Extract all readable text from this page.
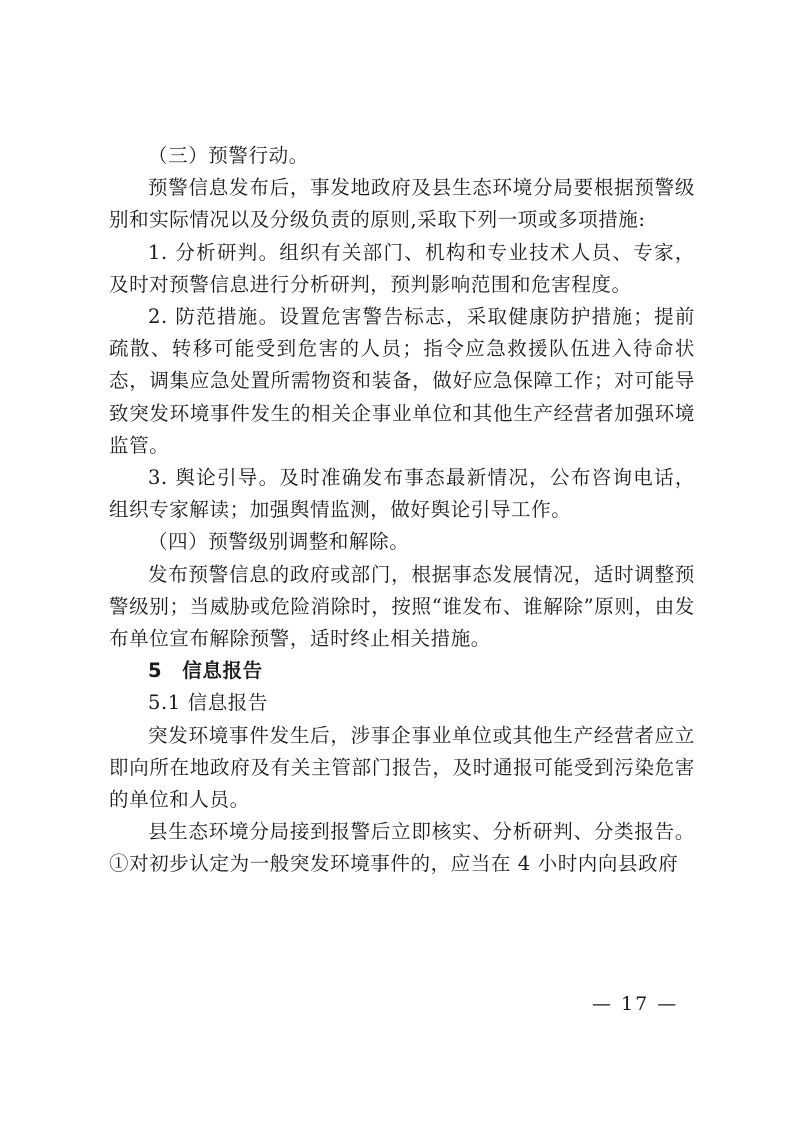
（三）预警行动。

预警信息发布后，事发地政府及县生态环境分局要根据预警级别和实际情况以及分级负责的原则,采取下列一项或多项措施:

1. 分析研判。组织有关部门、机构和专业技术人员、专家，及时对预警信息进行分析研判，预判影响范围和危害程度。

2. 防范措施。设置危害警告标志，采取健康防护措施；提前疏散、转移可能受到危害的人员；指令应急救援队伍进入待命状态，调集应急处置所需物资和装备，做好应急保障工作；对可能导致突发环境事件发生的相关企事业单位和其他生产经营者加强环境监管。

3. 舆论引导。及时准确发布事态最新情况，公布咨询电话，组织专家解读；加强舆情监测，做好舆论引导工作。

（四）预警级别调整和解除。

发布预警信息的政府或部门，根据事态发展情况，适时调整预警级别；当威胁或危险消除时，按照“谁发布、谁解除”原则，由发布单位宣布解除预警，适时终止相关措施。

5　信息报告

5.1 信息报告

突发环境事件发生后，涉事企事业单位或其他生产经营者应立即向所在地政府及有关主管部门报告，及时通报可能受到污染危害的单位和人员。

县生态环境分局接到报警后立即核实、分析研判、分类报告。①对初步认定为一般突发环境事件的，应当在 4 小时内向县政府

— 17 —
